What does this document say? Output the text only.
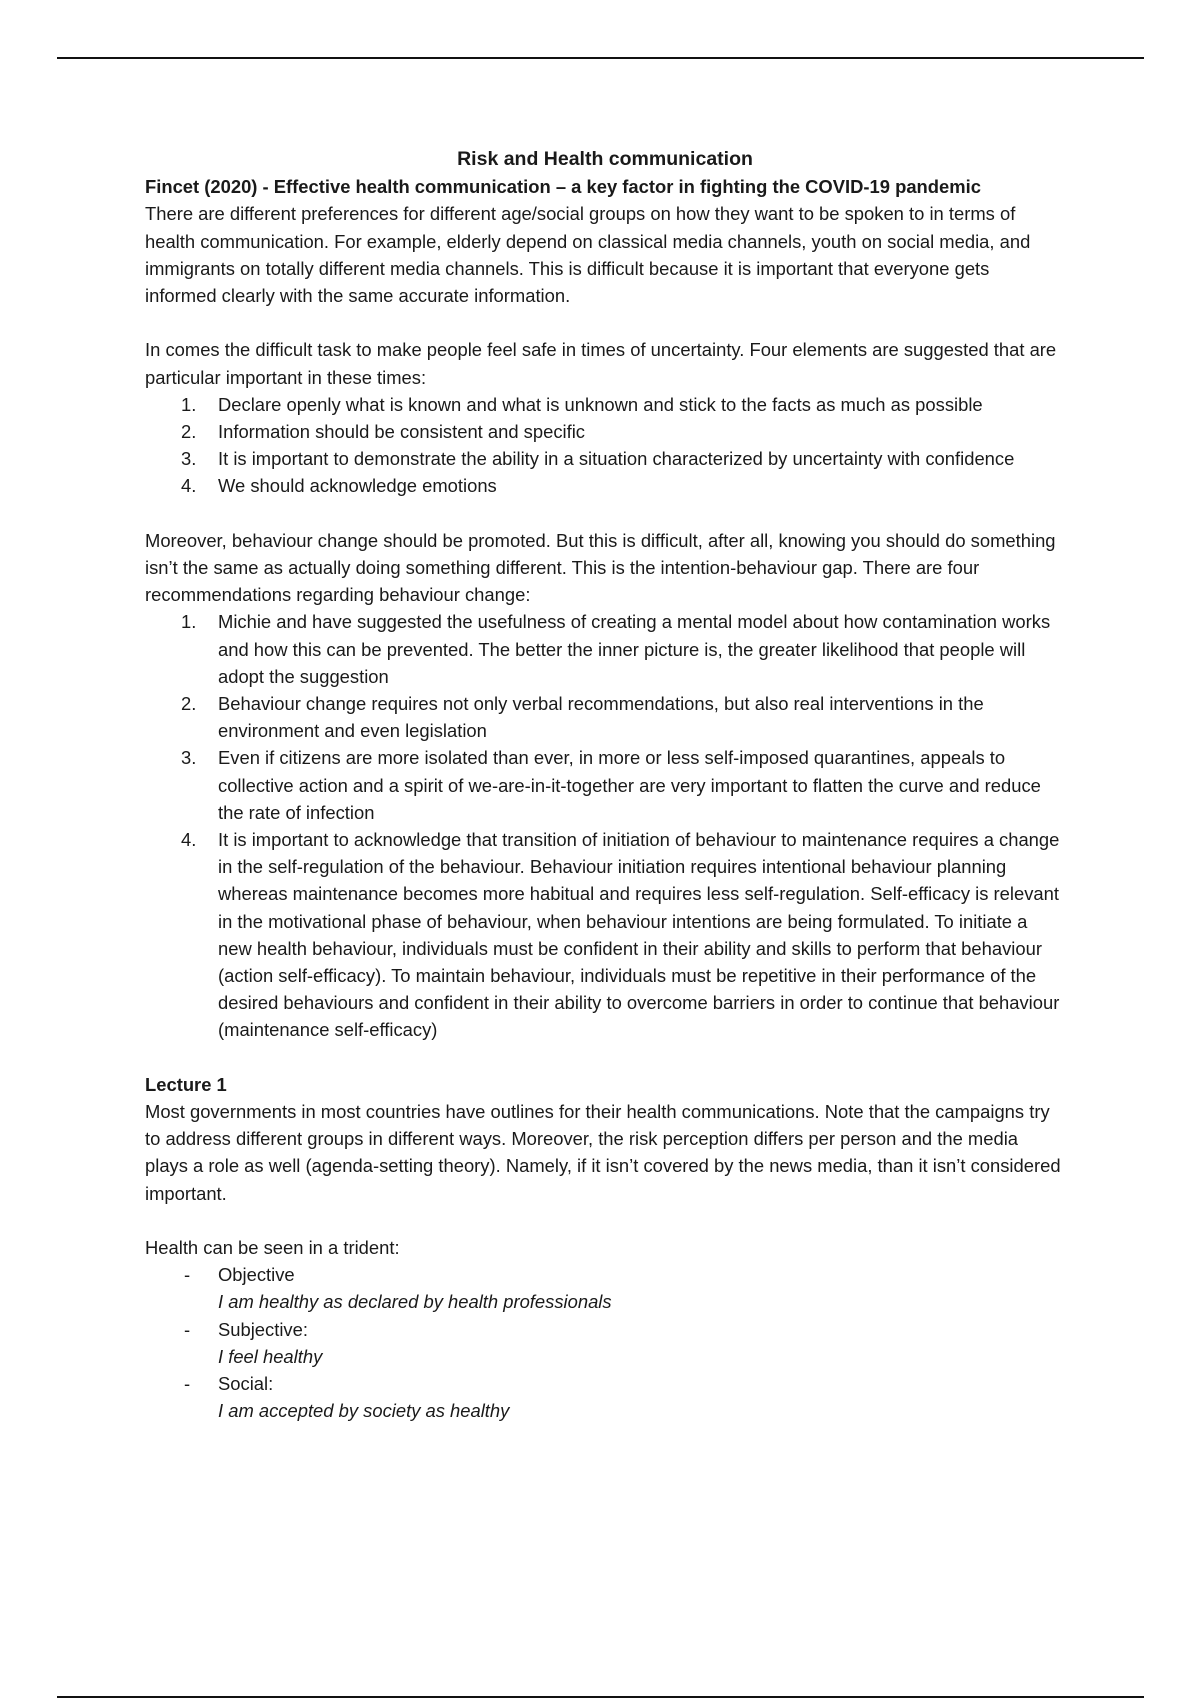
Risk and Health communication

Fincet (2020) - Effective health communication – a key factor in fighting the COVID-19 pandemic

There are different preferences for different age/social groups on how they want to be spoken to in terms of health communication. For example, elderly depend on classical media channels, youth on social media, and immigrants on totally different media channels. This is difficult because it is important that everyone gets informed clearly with the same accurate information.

In comes the difficult task to make people feel safe in times of uncertainty. Four elements are suggested that are particular important in these times:

1. Declare openly what is known and what is unknown and stick to the facts as much as possible
2. Information should be consistent and specific
3. It is important to demonstrate the ability in a situation characterized by uncertainty with confidence
4. We should acknowledge emotions

Moreover, behaviour change should be promoted. But this is difficult, after all, knowing you should do something isn’t the same as actually doing something different. This is the intention-behaviour gap. There are four recommendations regarding behaviour change:

1. Michie and have suggested the usefulness of creating a mental model about how contamination works and how this can be prevented. The better the inner picture is, the greater likelihood that people will adopt the suggestion
2. Behaviour change requires not only verbal recommendations, but also real interventions in the environment and even legislation
3. Even if citizens are more isolated than ever, in more or less self-imposed quarantines, appeals to collective action and a spirit of we-are-in-it-together are very important to flatten the curve and reduce the rate of infection
4. It is important to acknowledge that transition of initiation of behaviour to maintenance requires a change in the self-regulation of the behaviour. Behaviour initiation requires intentional behaviour planning whereas maintenance becomes more habitual and requires less self-regulation. Self-efficacy is relevant in the motivational phase of behaviour, when behaviour intentions are being formulated. To initiate a new health behaviour, individuals must be confident in their ability and skills to perform that behaviour (action self-efficacy). To maintain behaviour, individuals must be repetitive in their performance of the desired behaviours and confident in their ability to overcome barriers in order to continue that behaviour (maintenance self-efficacy)

Lecture 1

Most governments in most countries have outlines for their health communications. Note that the campaigns try to address different groups in different ways. Moreover, the risk perception differs per person and the media plays a role as well (agenda-setting theory). Namely, if it isn’t covered by the news media, than it isn’t considered important.

Health can be seen in a trident:

- Objective
I am healthy as declared by health professionals
- Subjective:
I feel healthy
- Social:
I am accepted by society as healthy
